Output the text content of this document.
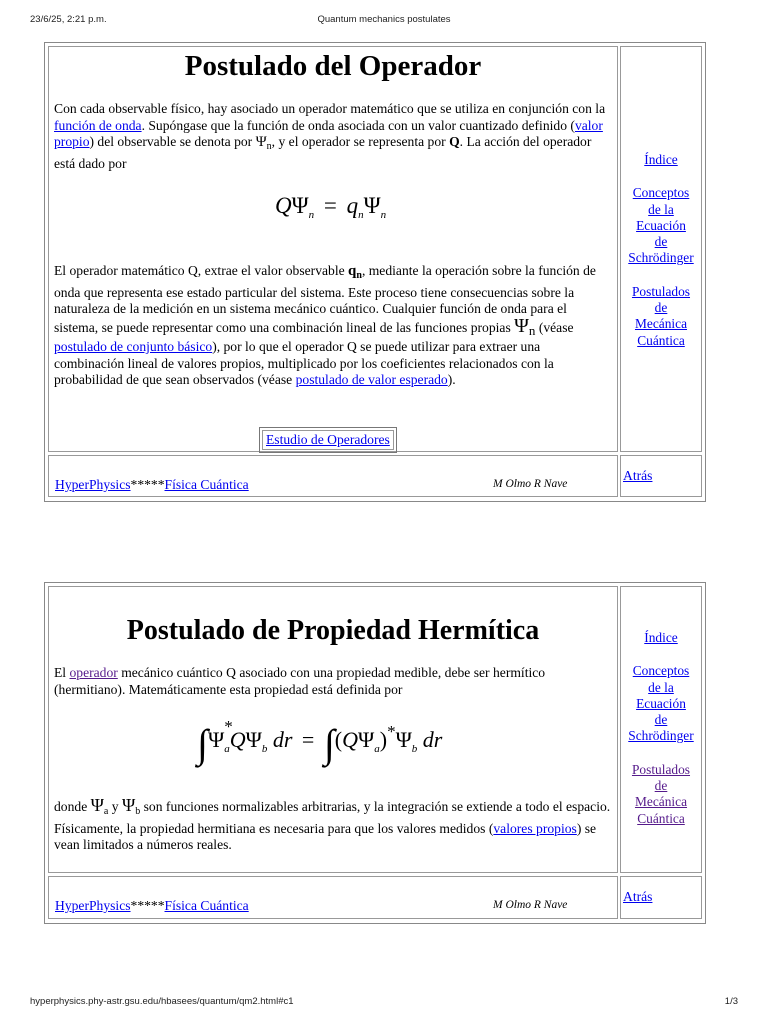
23/6/25, 2:21 p.m.	Quantum mechanics postulates
Postulado del Operador

Con cada observable físico, hay asociado un operador matemático que se utiliza en conjunción con la función de onda. Supóngase que la función de onda asociada con un valor cuantizado definido (valor propio) del observable se denota por $\Psi_n$, y el operador se representa por Q. La acción del operador está dado por

$Q\Psi_n = q_n\Psi_n$

El operador matemático Q, extrae el valor observable $q_n$, mediante la operación sobre la función de onda que representa ese estado particular del sistema. Este proceso tiene consecuencias sobre la naturaleza de la medición en un sistema mecánico cuántico. Cualquier función de onda para el sistema, se puede representar como una combinación lineal de las funciones propias Ψn (véase postulado de conjunto básico), por lo que el operador Q se puede utilizar para extraer una combinación lineal de valores propios, multiplicado por los coeficientes relacionados con la probabilidad de que sean observados (véase postulado de valor esperado).

Estudio de Operadores
Índice
Conceptos
de la
Ecuación
de
Schrödinger
Postulados
de
Mecánica
Cuántica
HyperPhysics*****Física Cuántica	M Olmo R Nave
Atrás
Postulado de Propiedad Hermítica

El operador mecánico cuántico Q asociado con una propiedad medible, debe ser hermítico (hermitiano). Matemáticamente esta propiedad está definida por

∫Ψ
*
$_aQ\Psi_b$ dr = $\int(Q\Psi_a)^*\Psi_b$ dr

donde $\Psi_a$ y $\Psi_b$ son funciones normalizables arbitrarias, y la integración se extiende a todo el espacio. Físicamente, la propiedad hermitiana es necesaria para que los valores medidos (valores propios) se vean limitados a números reales.

Índice
Conceptos
de la
Ecuación
de
Schrödinger
Postulados
de
Mecánica
Cuántica
HyperPhysics*****Física Cuántica	M Olmo R Nave
Atrás
hyperphysics.phy-astr.gsu.edu/hbasees/quantum/qm2.html#c1	1/3
